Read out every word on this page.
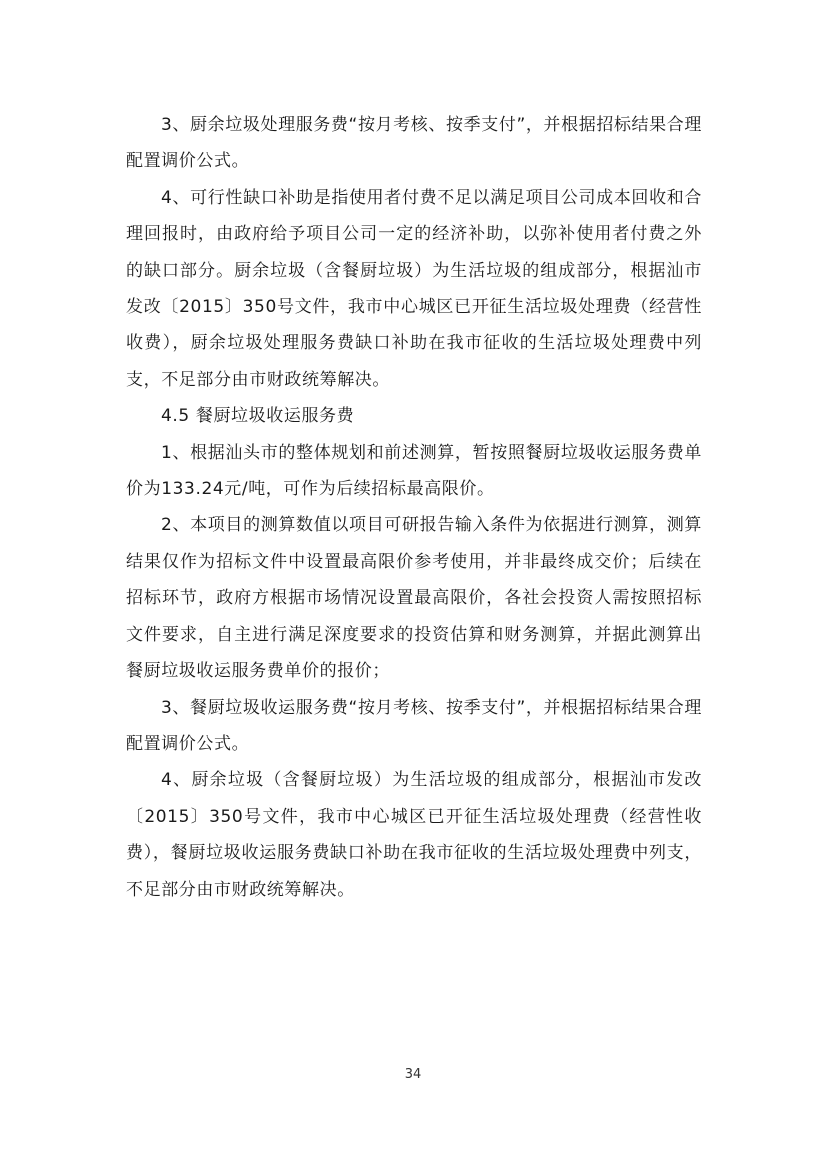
3、厨余垃圾处理服务费“按月考核、按季支付”，并根据招标结果合理配置调价公式。

4、可行性缺口补助是指使用者付费不足以满足项目公司成本回收和合理回报时，由政府给予项目公司一定的经济补助，以弥补使用者付费之外的缺口部分。厨余垃圾（含餐厨垃圾）为生活垃圾的组成部分，根据汕市发改〔2015〕350号文件，我市中心城区已开征生活垃圾处理费（经营性收费），厨余垃圾处理服务费缺口补助在我市征收的生活垃圾处理费中列支，不足部分由市财政统筹解决。

4.5 餐厨垃圾收运服务费

1、根据汕头市的整体规划和前述测算，暂按照餐厨垃圾收运服务费单价为133.24元/吨，可作为后续招标最高限价。

2、本项目的测算数值以项目可研报告输入条件为依据进行测算，测算结果仅作为招标文件中设置最高限价参考使用，并非最终成交价；后续在招标环节，政府方根据市场情况设置最高限价，各社会投资人需按照招标文件要求，自主进行满足深度要求的投资估算和财务测算，并据此测算出餐厨垃圾收运服务费单价的报价；

3、餐厨垃圾收运服务费“按月考核、按季支付”，并根据招标结果合理配置调价公式。

4、厨余垃圾（含餐厨垃圾）为生活垃圾的组成部分，根据汕市发改〔2015〕350号文件，我市中心城区已开征生活垃圾处理费（经营性收费），餐厨垃圾收运服务费缺口补助在我市征收的生活垃圾处理费中列支，不足部分由市财政统筹解决。

34
